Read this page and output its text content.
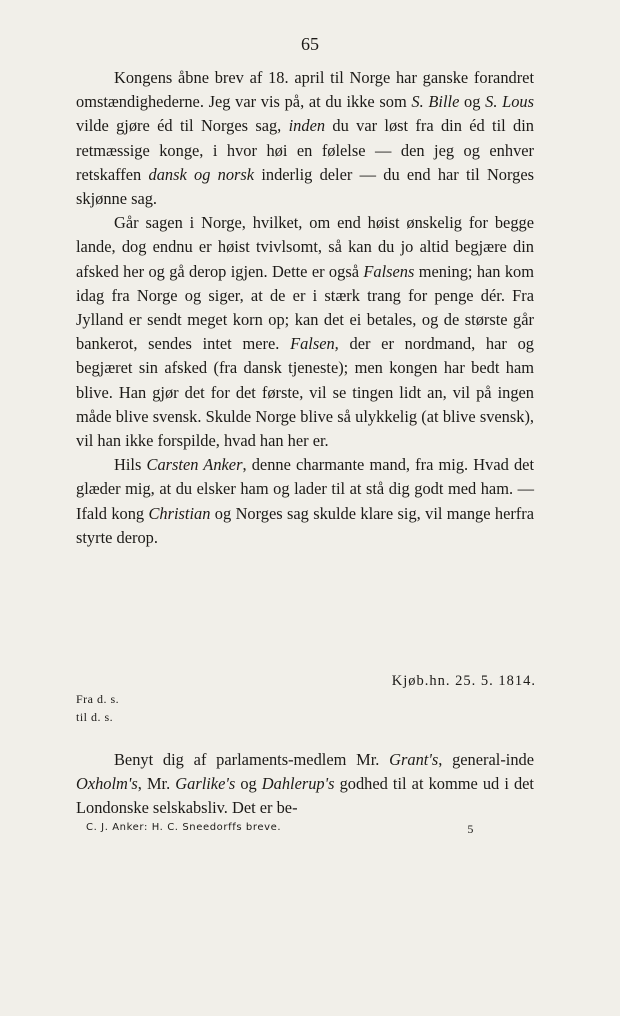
65

Kongens åbne brev af 18. april til Norge har ganske forandret omstændighederne. Jeg var vis på, at du ikke som S. Bille og S. Lous vilde gjøre éd til Norges sag, inden du var løst fra din éd til din retmæssige konge, i hvor høi en følelse — den jeg og enhver retskaffen dansk og norsk inderlig deler — du end har til Norges skjønne sag.

Går sagen i Norge, hvilket, om end høist ønskelig for begge lande, dog endnu er høist tvivlsomt, så kan du jo altid begjære din afsked her og gå derop igjen. Dette er også Falsens mening; han kom idag fra Norge og siger, at de er i stærk trang for penge dér. Fra Jylland er sendt meget korn op; kan det ei betales, og de største går bankerot, sendes intet mere. Falsen, der er nordmand, har og begjæret sin afsked (fra dansk tjeneste); men kongen har bedt ham blive. Han gjør det for det første, vil se tingen lidt an, vil på ingen måde blive svensk. Skulde Norge blive så ulykkelig (at blive svensk), vil han ikke forspilde, hvad han her er.

Hils Carsten Anker, denne charmante mand, fra mig. Hvad det glæder mig, at du elsker ham og lader til at stå dig godt med ham. — Ifald kong Christian og Norges sag skulde klare sig, vil mange herfra styrte derop.

Kjøb.hn. 25. 5. 1814.
Fra d. s.
til d. s.

Benyt dig af parlaments-medlem Mr. Grant's, general-inde Oxholm's, Mr. Garlike's og Dahlerup's godhed til at komme ud i det Londonske selskabsliv. Det er be-

C. J. Anker: H. C. Sneedorffs breve.	5
